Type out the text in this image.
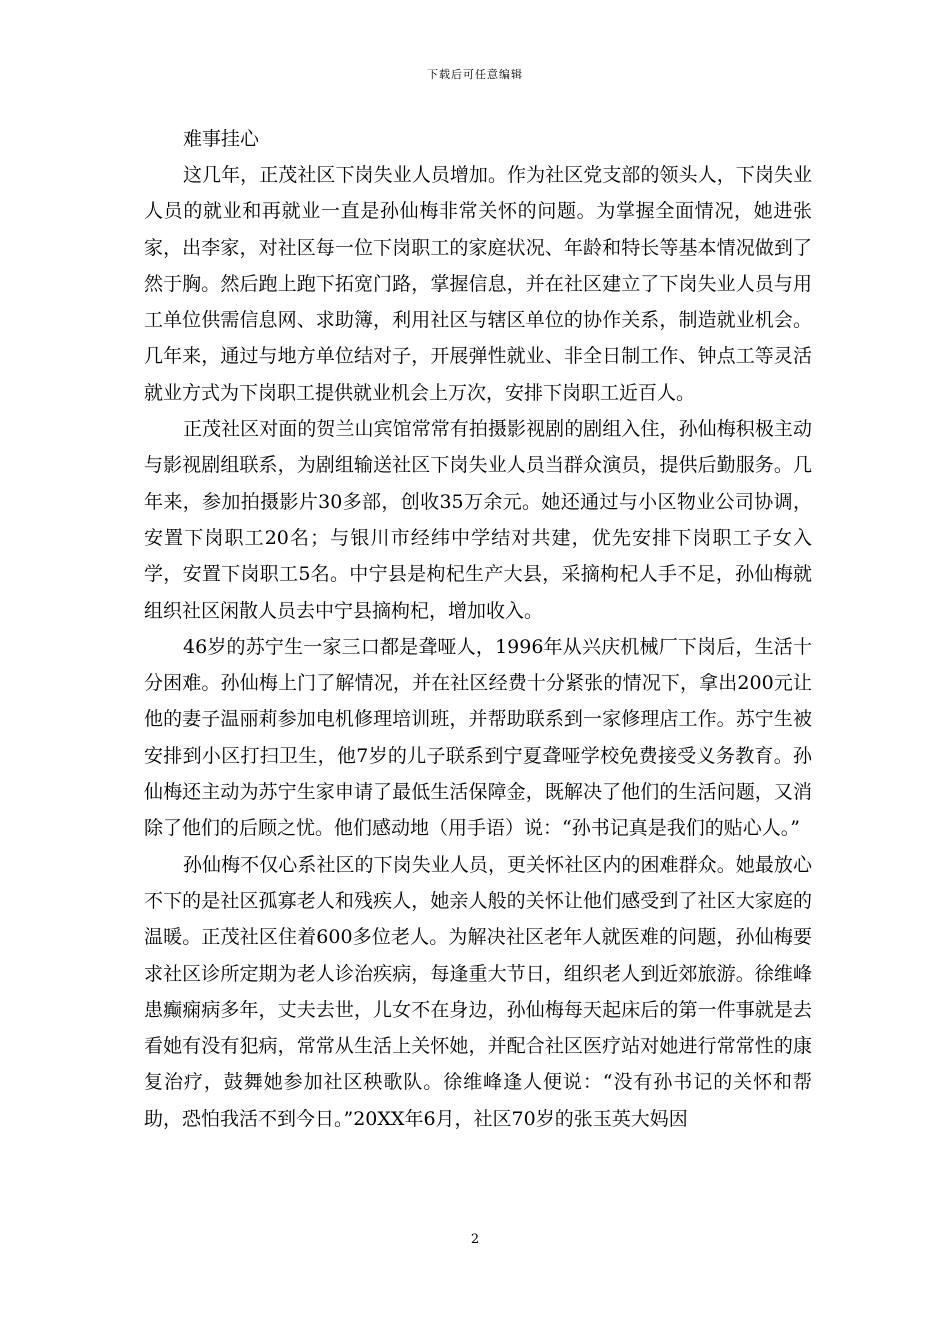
下载后可任意编辑

难事挂心

这几年，正茂社区下岗失业人员增加。作为社区党支部的领头人，下岗失业人员的就业和再就业一直是孙仙梅非常关怀的问题。为掌握全面情况，她进张家，出李家，对社区每一位下岗职工的家庭状况、年龄和特长等基本情况做到了然于胸。然后跑上跑下拓宽门路，掌握信息，并在社区建立了下岗失业人员与用工单位供需信息网、求助簿，利用社区与辖区单位的协作关系，制造就业机会。几年来，通过与地方单位结对子，开展弹性就业、非全日制工作、钟点工等灵活就业方式为下岗职工提供就业机会上万次，安排下岗职工近百人。

正茂社区对面的贺兰山宾馆常常有拍摄影视剧的剧组入住，孙仙梅积极主动与影视剧组联系，为剧组输送社区下岗失业人员当群众演员，提供后勤服务。几年来，参加拍摄影片30多部，创收35万余元。她还通过与小区物业公司协调，安置下岗职工20名；与银川市经纬中学结对共建，优先安排下岗职工子女入学，安置下岗职工5名。中宁县是枸杞生产大县，采摘枸杞人手不足，孙仙梅就组织社区闲散人员去中宁县摘枸杞，增加收入。

46岁的苏宁生一家三口都是聋哑人，1996年从兴庆机械厂下岗后，生活十分困难。孙仙梅上门了解情况，并在社区经费十分紧张的情况下，拿出200元让他的妻子温丽莉参加电机修理培训班，并帮助联系到一家修理店工作。苏宁生被安排到小区打扫卫生，他7岁的儿子联系到宁夏聋哑学校免费接受义务教育。孙仙梅还主动为苏宁生家申请了最低生活保障金，既解决了他们的生活问题，又消除了他们的后顾之忧。他们感动地（用手语）说：“孙书记真是我们的贴心人。”

孙仙梅不仅心系社区的下岗失业人员，更关怀社区内的困难群众。她最放心不下的是社区孤寡老人和残疾人，她亲人般的关怀让他们感受到了社区大家庭的温暖。正茂社区住着600多位老人。为解决社区老年人就医难的问题，孙仙梅要求社区诊所定期为老人诊治疾病，每逢重大节日，组织老人到近郊旅游。徐维峰患癫痫病多年，丈夫去世，儿女不在身边，孙仙梅每天起床后的第一件事就是去看她有没有犯病，常常从生活上关怀她，并配合社区医疗站对她进行常常性的康复治疗，鼓舞她参加社区秧歌队。徐维峰逢人便说：“没有孙书记的关怀和帮助，恐怕我活不到今日。”20XX年6月，社区70岁的张玉英大妈因

2
